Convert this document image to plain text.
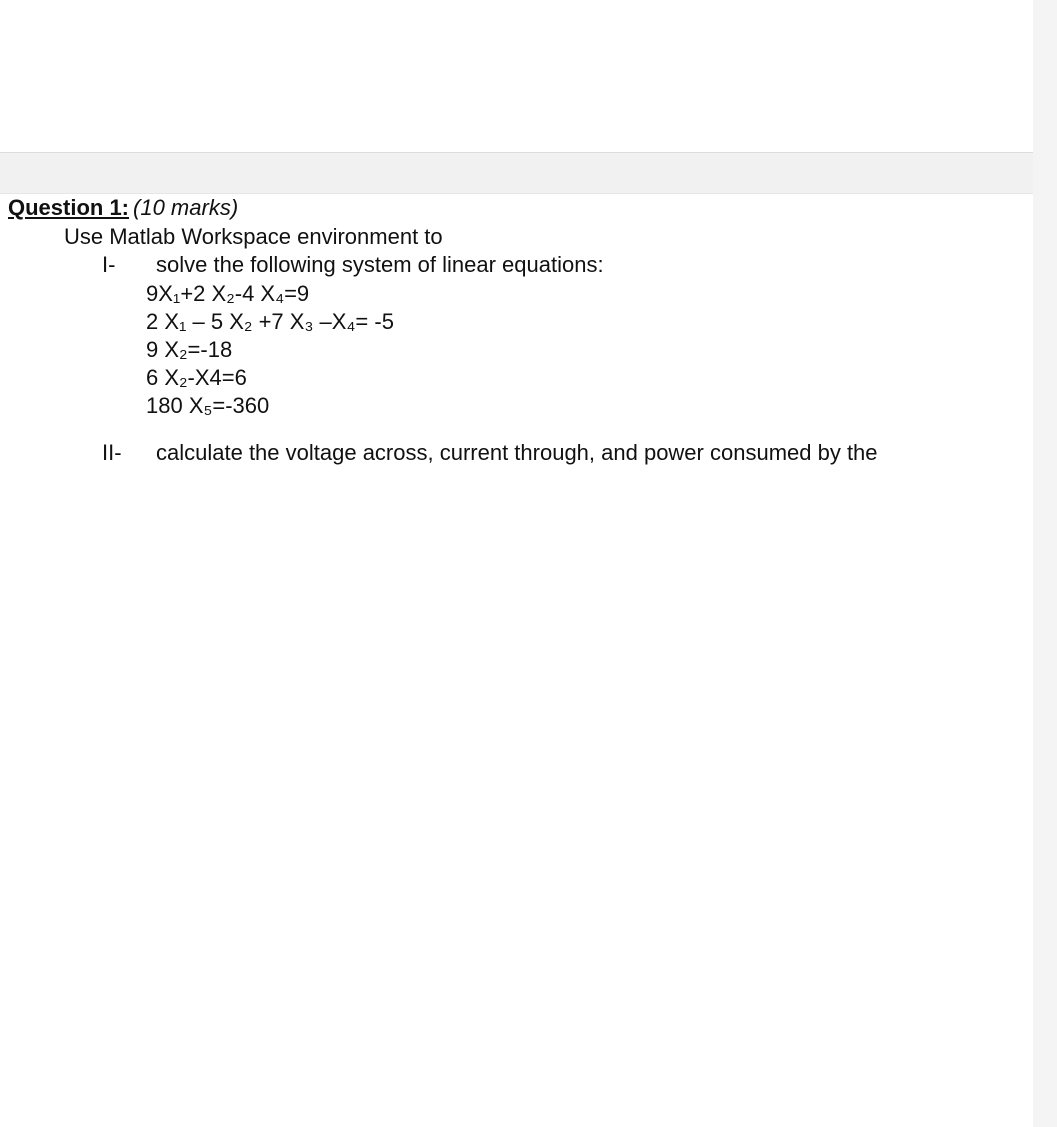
Question 1: (10 marks)
Use Matlab Workspace environment to
I- solve the following system of linear equations:
9X₁+2 X₂-4 X₄=9
2 X₁ – 5 X₂ +7 X₃ –X₄= -5
9 X₂=-18
6 X₂-X4=6
180 X₅=-360
II- calculate the voltage across, current through, and power consumed by the
